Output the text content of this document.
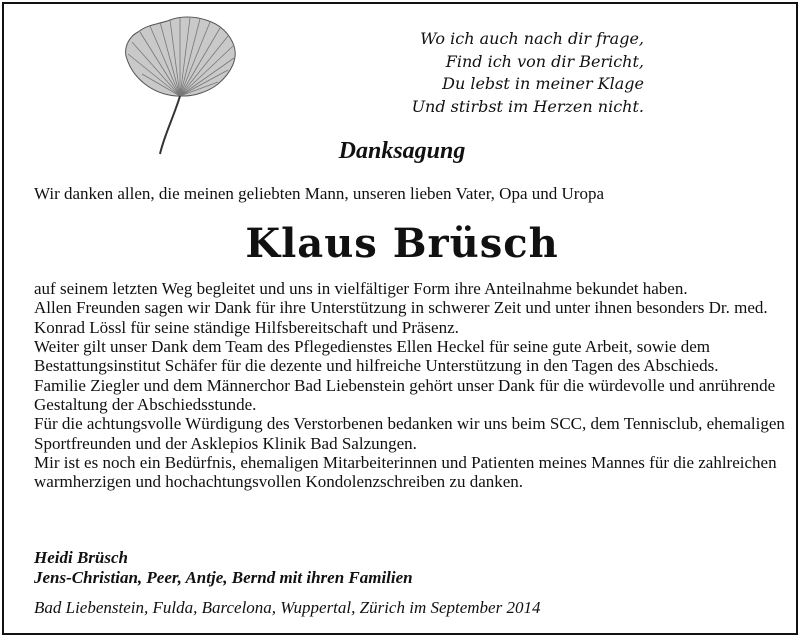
Wo ich auch nach dir frage,
Find ich von dir Bericht,
Du lebst in meiner Klage
Und stirbst im Herzen nicht.
Danksagung
Wir danken allen, die meinen geliebten Mann, unseren lieben Vater, Opa und Uropa
Klaus Brüsch

auf seinem letzten Weg begleitet und uns in vielfältiger Form ihre Anteilnahme bekundet haben.

Allen Freunden sagen wir Dank für ihre Unterstützung in schwerer Zeit und unter ihnen besonders Dr. med. Konrad Lössl für seine ständige Hilfsbereitschaft und Präsenz.

Weiter gilt unser Dank dem Team des Pflegedienstes Ellen Heckel für seine gute Arbeit, sowie dem Bestattungsinstitut Schäfer für die dezente und hilfreiche Unterstützung in den Tagen des Abschieds.

Familie Ziegler und dem Männerchor Bad Liebenstein gehört unser Dank für die würdevolle und anrührende Gestaltung der Abschiedsstunde.

Für die achtungsvolle Würdigung des Verstorbenen bedanken wir uns beim SCC, dem Tennisclub, ehemaligen Sportfreunden und der Asklepios Klinik Bad Salzungen.

Mir ist es noch ein Bedürfnis, ehemaligen Mitarbeiterinnen und Patienten meines Mannes für die zahlreichen warmherzigen und hochachtungsvollen Kondolenzschreiben zu danken.

Heidi Brüsch
Jens-Christian, Peer, Antje, Bernd mit ihren Familien
Bad Liebenstein, Fulda, Barcelona, Wuppertal, Zürich im September 2014
